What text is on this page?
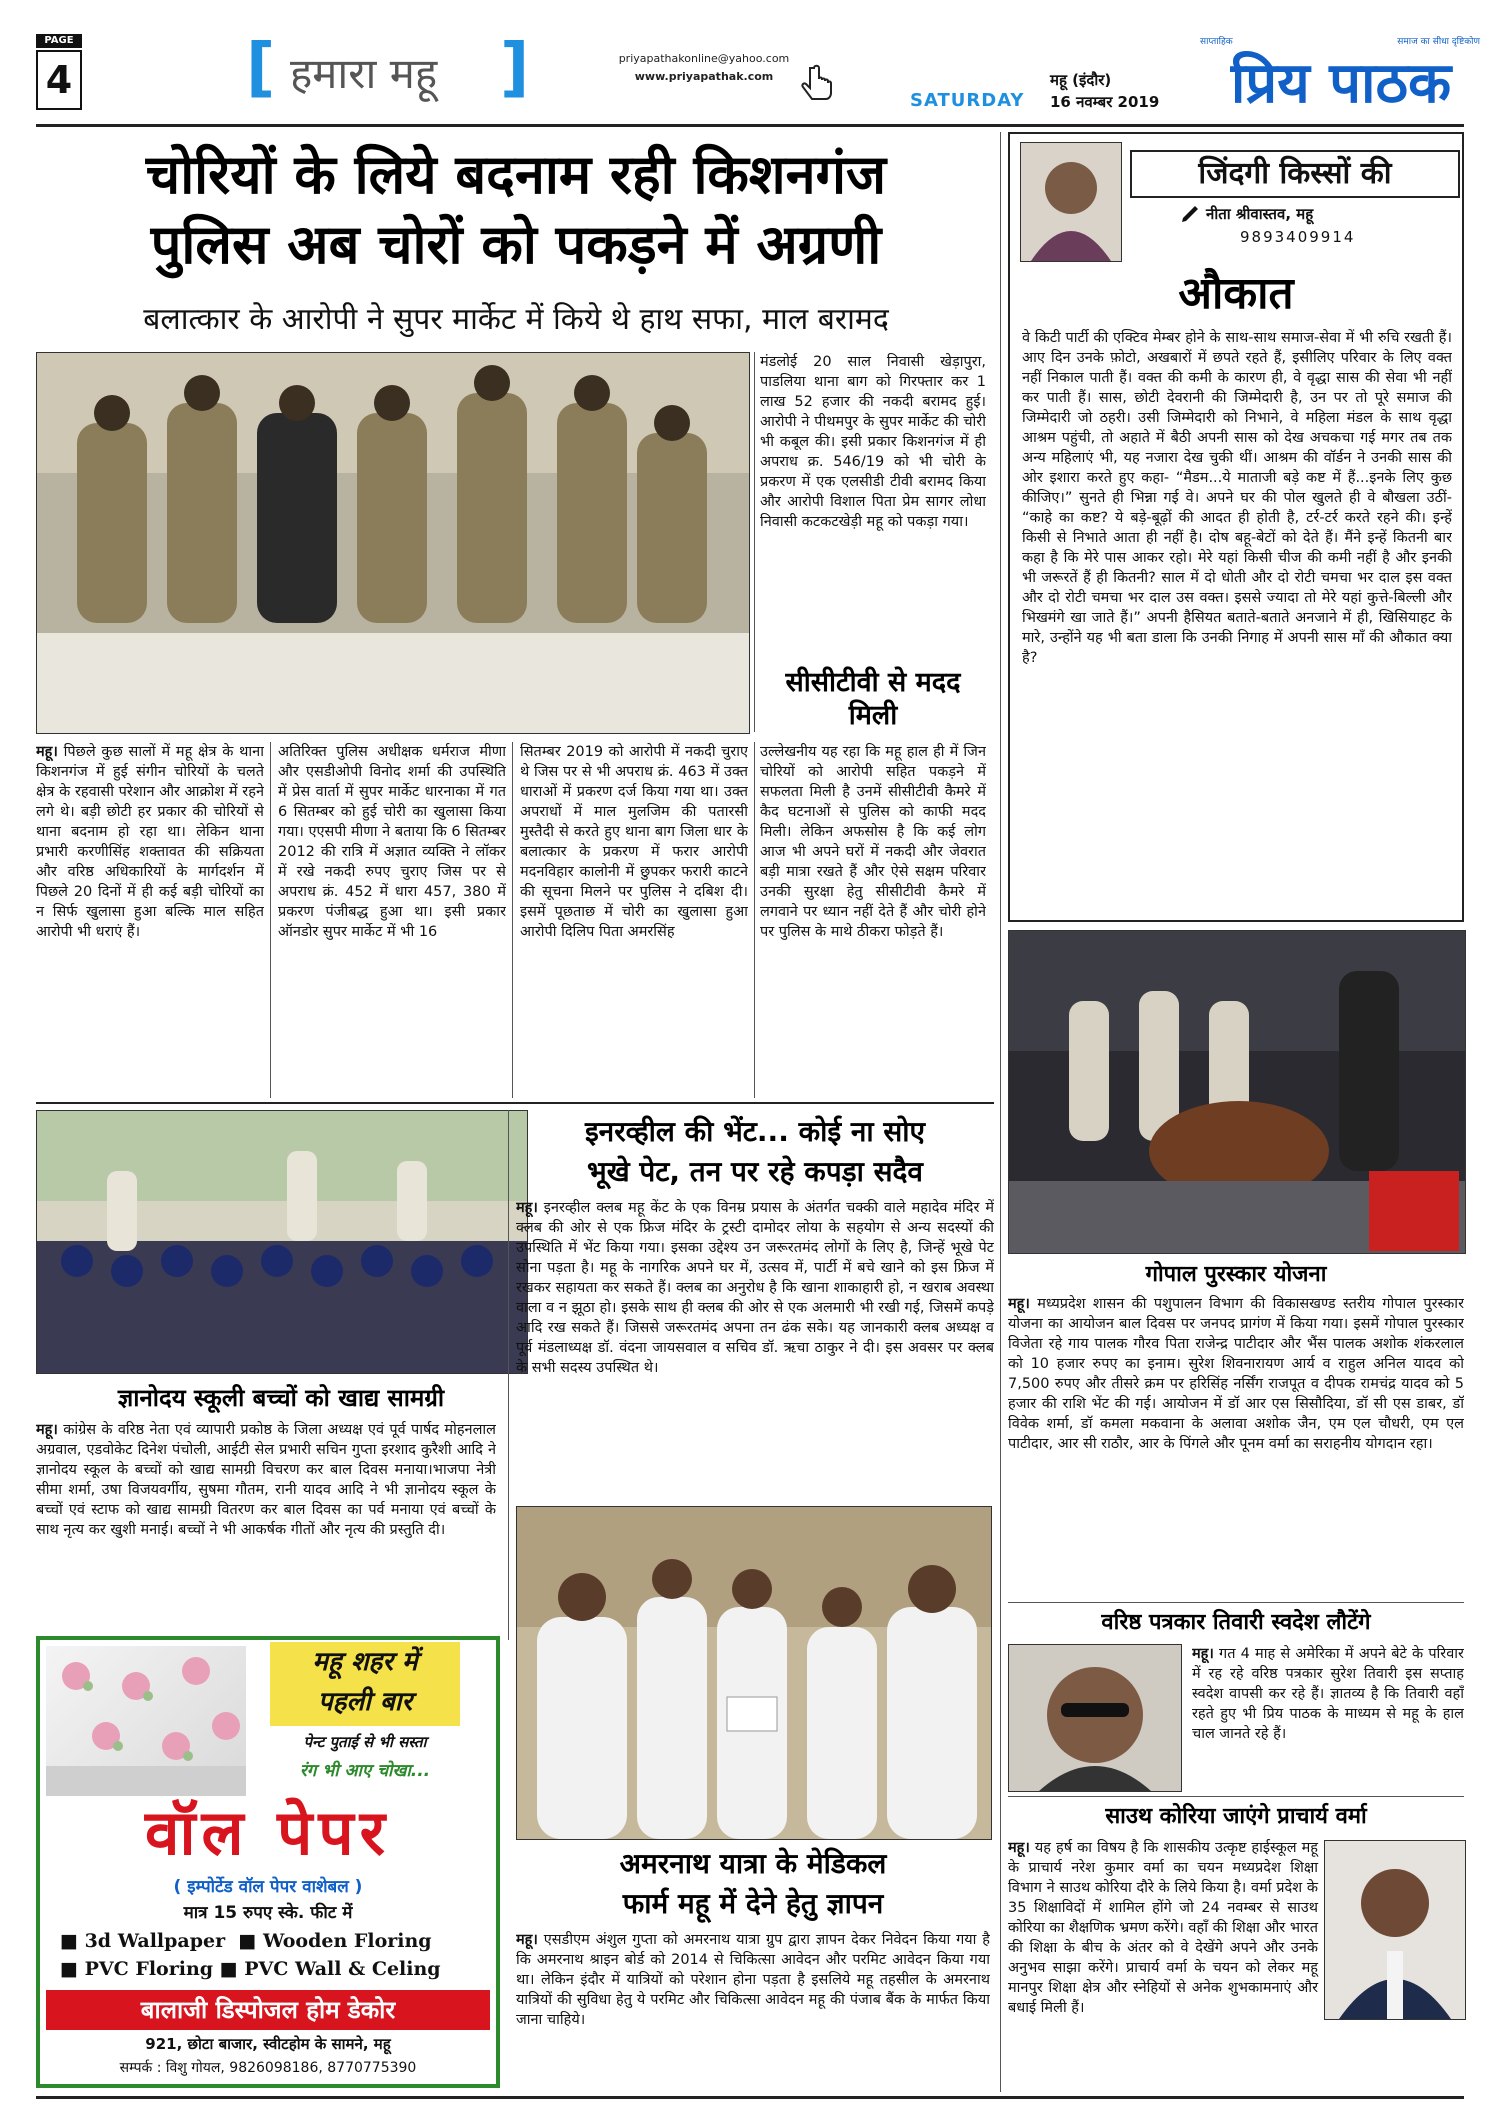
PAGE
4	[ हमारा महू ]	priyapathakonline@yahoo.com
www.priyapathak.com
SATURDAY
महू (इंदौर)
16 नवम्बर 2019
साप्ताहिक	समाज का सीधा दृष्टिकोण
प्रिय पाठक
चोरियों के लिये बदनाम रही किशनगंज
पुलिस अब चोरों को पकड़ने में अग्रणी
बलात्कार के आरोपी ने सुपर मार्केट में किये थे हाथ सफा, माल बरामद
मंडलोई 20 साल निवासी खेड़ापुरा, पाडलिया थाना बाग को गिरफ्तार कर 1 लाख 52 हजार की नकदी बरामद हुई। आरोपी ने पीथमपुर के सुपर मार्केट की चोरी भी कबूल की। इसी प्रकार किशनगंज में ही अपराध क्र. 546/19 को भी चोरी के प्रकरण में एक एलसीडी टीवी बरामद किया और आरोपी विशाल पिता प्रेम सागर लोधा निवासी कटकटखेड़ी महू को पकड़ा गया।
सीसीटीवी से मदद मिली
महू। पिछले कुछ सालों में महू क्षेत्र के थाना किशनगंज में हुई संगीन चोरियों के चलते क्षेत्र के रहवासी परेशान और आक्रोश में रहने लगे थे। बड़ी छोटी हर प्रकार की चोरियों से थाना बदनाम हो रहा था। लेकिन थाना प्रभारी करणीसिंह शक्तावत की सक्रियता और वरिष्ठ अधिकारियों के मार्गदर्शन में पिछले 20 दिनों में ही कई बड़ी चोरियों का न सिर्फ खुलासा हुआ बल्कि माल सहित आरोपी भी धराएं हैं।
अतिरिक्त पुलिस अधीक्षक धर्मराज मीणा और एसडीओपी विनोद शर्मा की उपस्थिति में प्रेस वार्ता में सुपर मार्केट धारनाका में गत 6 सितम्बर को हुई चोरी का खुलासा किया गया। एएसपी मीणा ने बताया कि 6 सितम्बर 2012 की रात्रि में अज्ञात व्यक्ति ने लॉकर में रखे नकदी रुपए चुराए जिस पर से अपराध क्रं. 452 में धारा 457, 380 में प्रकरण पंजीबद्ध हुआ था। इसी प्रकार ऑनडोर सुपर मार्केट में भी 16
सितम्बर 2019 को आरोपी में नकदी चुराए थे जिस पर से भी अपराध क्रं. 463 में उक्त धाराओं में प्रकरण दर्ज किया गया था। उक्त अपराधों में माल मुलजिम की पतारसी मुस्तैदी से करते हुए थाना बाग जिला धार के बलात्कार के प्रकरण में फरार आरोपी मदनविहार कालोनी में छुपकर फरारी काटने की सूचना मिलने पर पुलिस ने दबिश दी। इसमें पूछताछ में चोरी का खुलासा हुआ आरोपी दिलिप पिता अमरसिंह
उल्लेखनीय यह रहा कि महू हाल ही में जिन चोरियों को आरोपी सहित पकड़ने में सफलता मिली है उनमें सीसीटीवी कैमरे में कैद घटनाओं से पुलिस को काफी मदद मिली। लेकिन अफसोस है कि कई लोग आज भी अपने घरों में नकदी और जेवरात बड़ी मात्रा रखते हैं और ऐसे सक्षम परिवार उनकी सुरक्षा हेतु सीसीटीवी कैमरे में लगवाने पर ध्यान नहीं देते हैं और चोरी होने पर पुलिस के माथे ठीकरा फोड़ते हैं।
जिंदगी किस्सों की
नीता श्रीवास्तव, महू
9893409914
औकात
वे किटी पार्टी की एक्टिव मेम्बर होने के साथ-साथ समाज-सेवा में भी रुचि रखती हैं। आए दिन उनके फ़ोटो, अखबारों में छपते रहते हैं, इसीलिए परिवार के लिए वक्त नहीं निकाल पाती हैं। वक्त की कमी के कारण ही, वे वृद्धा सास की सेवा भी नहीं कर पाती हैं। सास, छोटी देवरानी की जिम्मेदारी है, उन पर तो पूरे समाज की जिम्मेदारी जो ठहरी। उसी जिम्मेदारी को निभाने, वे महिला मंडल के साथ वृद्धा आश्रम पहुंची, तो अहाते में बैठी अपनी सास को देख अचकचा गई मगर तब तक अन्य महिलाएं भी, यह नजारा देख चुकी थीं। आश्रम की वॉर्डन ने उनकी सास की ओर इशारा करते हुए कहा- “मैडम...ये माताजी बड़े कष्ट में हैं...इनके लिए कुछ कीजिए।” सुनते ही भिन्ना गई वे। अपने घर की पोल खुलते ही वे बौखला उठीं- “काहे का कष्ट? ये बड़े-बूढ़ों की आदत ही होती है, टर्र-टर्र करते रहने की। इन्हें किसी से निभाते आता ही नहीं है। दोष बहू-बेटों को देते हैं। मैंने इन्हें कितनी बार कहा है कि मेरे पास आकर रहो। मेरे यहां किसी चीज की कमी नहीं है और इनकी भी जरूरतें हैं ही कितनी? साल में दो धोती और दो रोटी चमचा भर दाल इस वक्त और दो रोटी चमचा भर दाल उस वक्त। इससे ज्यादा तो मेरे यहां कुत्ते-बिल्ली और भिखमंगे खा जाते हैं।” अपनी हैसियत बताते-बताते अनजाने में ही, खिसियाहट के मारे, उन्होंने यह भी बता डाला कि उनकी निगाह में अपनी सास माँ की औकात क्या है?
गोपाल पुरस्कार योजना
महू। मध्यप्रदेश शासन की पशुपालन विभाग की विकासखण्ड स्तरीय गोपाल पुरस्कार योजना का आयोजन बाल दिवस पर जनपद प्रागंण में किया गया। इसमें गोपाल पुरस्कार विजेता रहे गाय पालक गौरव पिता राजेन्द्र पाटीदार और भैंस पालक अशोक शंकरलाल को 10 हजार रुपए का इनाम। सुरेश शिवनारायण आर्य व राहुल अनिल यादव को 7,500 रुपए और तीसरे क्रम पर हरिसिंह नर्सिंग राजपूत व दीपक रामचंद्र यादव को 5 हजार की राशि भेंट की गई। आयोजन में डॉ आर एस सिसौदिया, डॉ सी एस डाबर, डॉ विवेक शर्मा, डॉ कमला मकवाना के अलावा अशोक जैन, एम एल चौधरी, एम एल पाटीदार, आर सी राठौर, आर के पिंगले और पूनम वर्मा का सराहनीय योगदान रहा।
वरिष्ठ पत्रकार तिवारी स्वदेश लौटेंगे
महू। गत 4 माह से अमेरिका में अपने बेटे के परिवार में रह रहे वरिष्ठ पत्रकार सुरेश तिवारी इस सप्ताह स्वदेश वापसी कर रहे हैं। ज्ञातव्य है कि तिवारी वहाँ रहते हुए भी प्रिय पाठक के माध्यम से महू के हाल चाल जानते रहे हैं।
साउथ कोरिया जाएंगे प्राचार्य वर्मा
महू। यह हर्ष का विषय है कि शासकीय उत्कृष्ट हाईस्कूल महू के प्राचार्य नरेश कुमार वर्मा का चयन मध्यप्रदेश शिक्षा विभाग ने साउथ कोरिया दौरे के लिये किया है। वर्मा प्रदेश के 35 शिक्षाविदों में शामिल होंगे जो 24 नवम्बर से साउथ कोरिया का शैक्षणिक भ्रमण करेंगे। वहाँ की शिक्षा और भारत की शिक्षा के बीच के अंतर को वे देखेंगे अपने और उनके अनुभव साझा करेंगे। प्राचार्य वर्मा के चयन को लेकर महू मानपुर शिक्षा क्षेत्र और स्नेहियों से अनेक शुभकामनाएं और बधाई मिली हैं।
ज्ञानोदय स्कूली बच्चों को खाद्य सामग्री
महू। कांग्रेस के वरिष्ठ नेता एवं व्यापारी प्रकोष्ठ के जिला अध्यक्ष एवं पूर्व पार्षद मोहनलाल अग्रवाल, एडवोकेट दिनेश पंचोली, आईटी सेल प्रभारी सचिन गुप्ता इरशाद कुरैशी आदि ने ज्ञानोदय स्कूल के बच्चों को खाद्य सामग्री विचरण कर बाल दिवस मनाया।भाजपा नेत्री सीमा शर्मा, उषा विजयवर्गीय, सुषमा गौतम, रानी यादव आदि ने भी ज्ञानोदय स्कूल के बच्चों एवं स्टाफ को खाद्य सामग्री वितरण कर बाल दिवस का पर्व मनाया एवं बच्चों के साथ नृत्य कर खुशी मनाई। बच्चों ने भी आकर्षक गीतों और नृत्य की प्रस्तुति दी।
इनरव्हील की भेंट... कोई ना सोए
भूखे पेट, तन पर रहे कपड़ा सदैव
महू। इनरव्हील क्लब महू केंट के एक विनम्र प्रयास के अंतर्गत चक्की वाले महादेव मंदिर में क्लब की ओर से एक फ्रिज मंदिर के ट्रस्टी दामोदर लोया के सहयोग से अन्य सदस्यों की उपस्थिति में भेंट किया गया। इसका उद्देश्य उन जरूरतमंद लोगों के लिए है, जिन्हें भूखे पेट सोना पड़ता है। महू के नागरिक अपने घर में, उत्सव में, पार्टी में बचे खाने को इस फ्रिज में रखकर सहायता कर सकते हैं। क्लब का अनुरोध है कि खाना शाकाहारी हो, न खराब अवस्था वाला व न झूठा हो। इसके साथ ही क्लब की ओर से एक अलमारी भी रखी गई, जिसमें कपड़े आदि रख सकते हैं। जिससे जरूरतमंद अपना तन ढंक सके। यह जानकारी क्लब अध्यक्ष व पूर्व मंडलाध्यक्ष डॉ. वंदना जायसवाल व सचिव डॉ. ऋचा ठाकुर ने दी। इस अवसर पर क्लब के सभी सदस्य उपस्थित थे।
अमरनाथ यात्रा के मेडिकल
फार्म महू में देने हेतु ज्ञापन
महू। एसडीएम अंशुल गुप्ता को अमरनाथ यात्रा ग्रुप द्वारा ज्ञापन देकर निवेदन किया गया है कि अमरनाथ श्राइन बोर्ड को 2014 से चिकित्सा आवेदन और परमिट आवेदन किया गया था। लेकिन इंदौर में यात्रियों को परेशान होना पड़ता है इसलिये महू तहसील के अमरनाथ यात्रियों की सुविधा हेतु ये परमिट और चिकित्सा आवेदन महू की पंजाब बैंक के मार्फत किया जाना चाहिये।
महू शहर में
पहली बार
पेन्ट पुताई से भी सस्ता
रंग भी आए चोखा...
वॉल पेपर
( इम्पोर्टेड वॉल पेपर वाशेबल )
मात्र 15 रुपए स्के. फीट में
■ 3d Wallpaper ■ Wooden Floring
■ PVC Floring ■ PVC Wall & Celing
बालाजी डिस्पोजल होम डेकोर
921, छोटा बाजार, स्वीटहोम के सामने, महू
सम्पर्क : विशु गोयल, 9826098186, 8770775390
